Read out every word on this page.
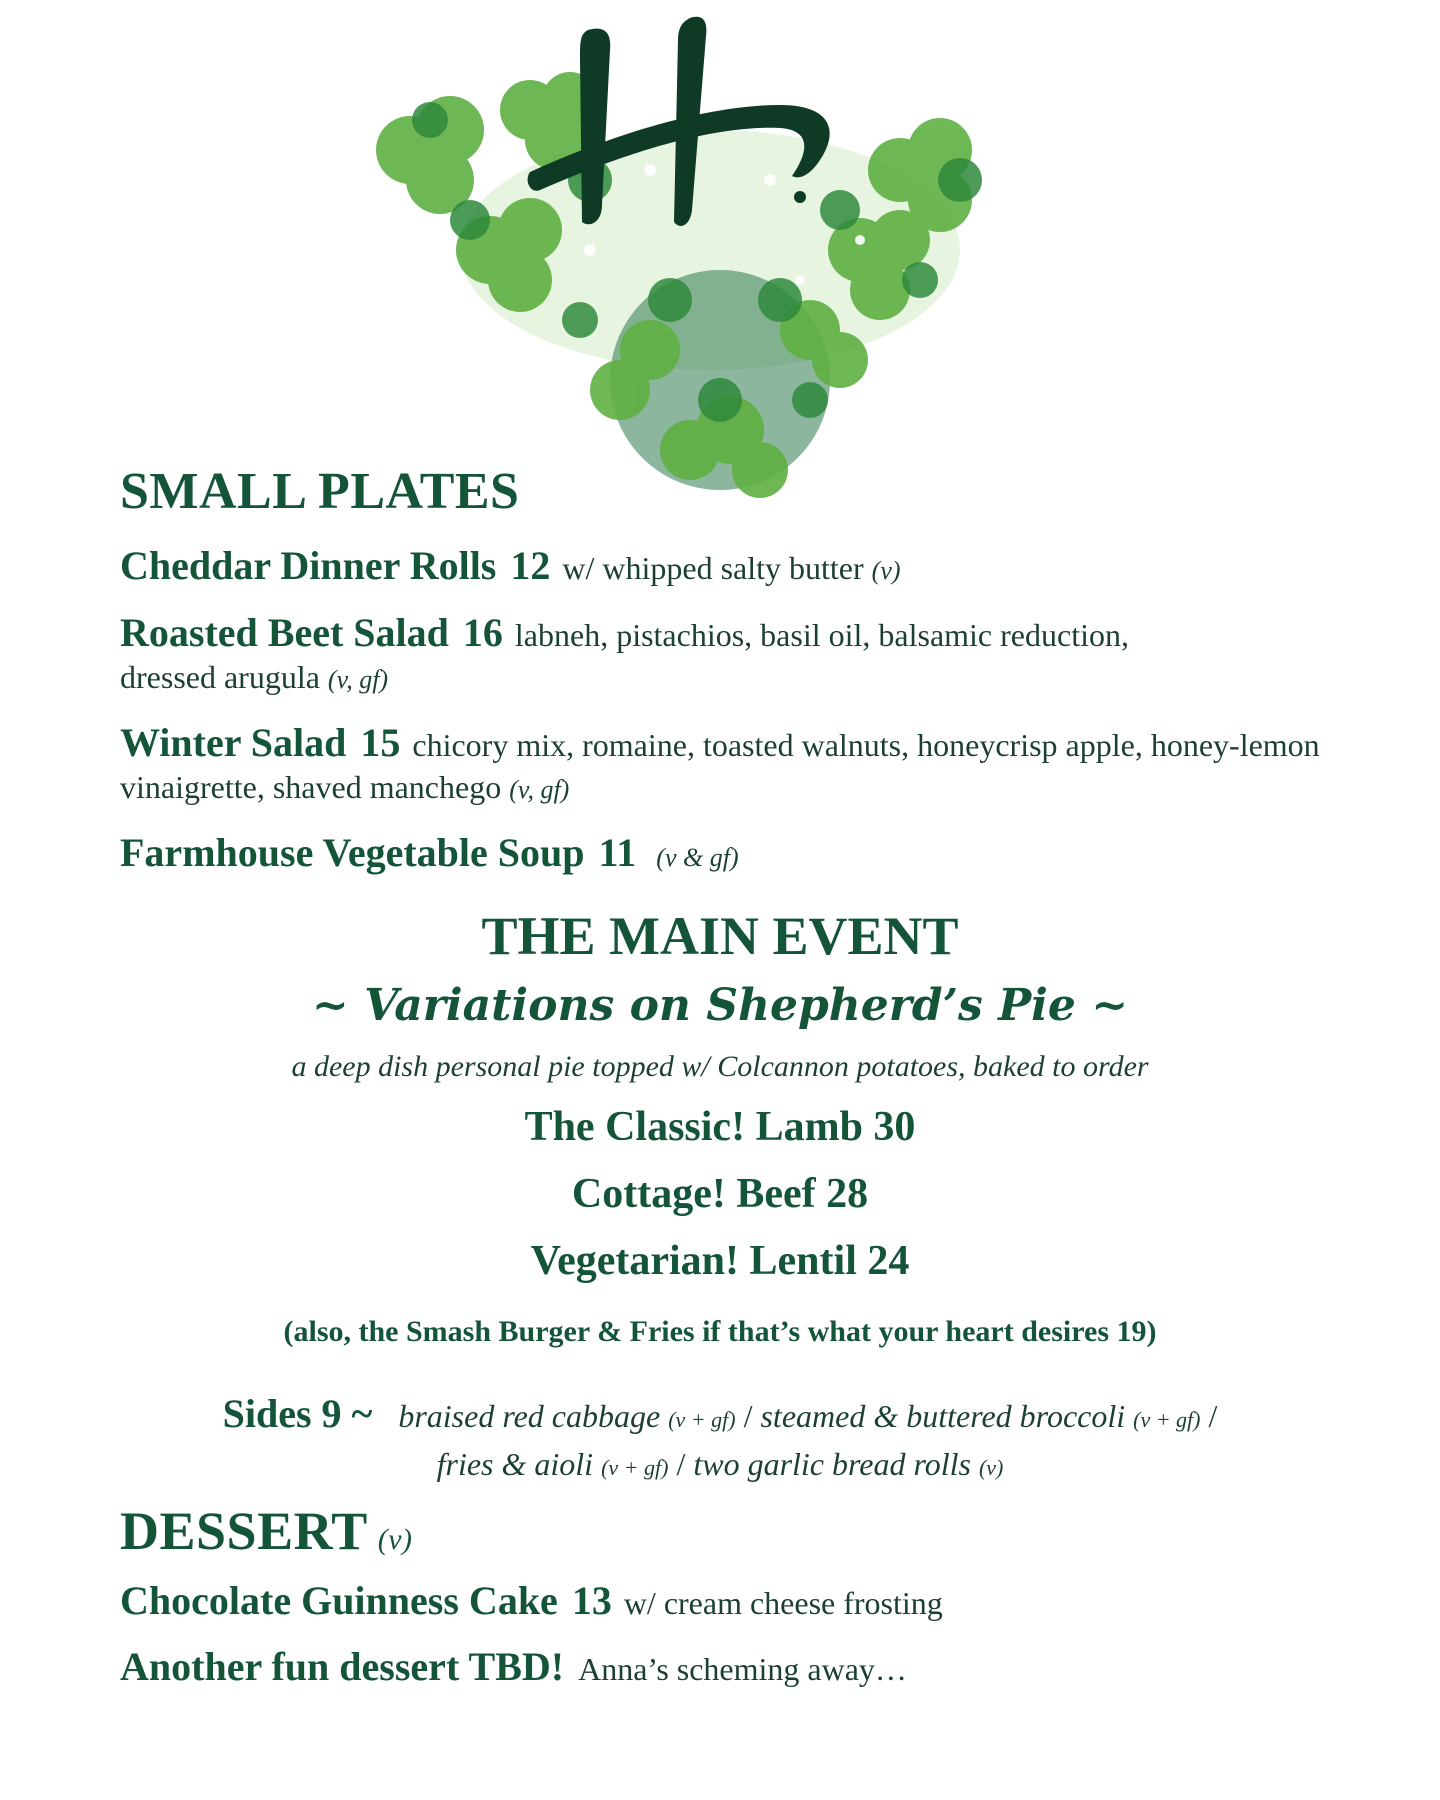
SMALL PLATES
Cheddar Dinner Rolls 12 w/ whipped salty butter (v)
Roasted Beet Salad 16 labneh, pistachios, basil oil, balsamic reduction, dressed arugula (v, gf)
Winter Salad 15 chicory mix, romaine, toasted walnuts, honeycrisp apple, honey-lemon vinaigrette, shaved manchego (v, gf)
Farmhouse Vegetable Soup 11 (v & gf)
THE MAIN EVENT
~ Variations on Shepherd’s Pie ~
a deep dish personal pie topped w/ Colcannon potatoes, baked to order
The Classic! Lamb 30
Cottage! Beef 28
Vegetarian! Lentil 24
(also, the Smash Burger & Fries if that’s what your heart desires 19)
Sides 9 ~ braised red cabbage (v + gf) / steamed & buttered broccoli (v + gf) /
fries & aioli (v + gf) / two garlic bread rolls (v)
DESSERT (v)
Chocolate Guinness Cake 13 w/ cream cheese frosting
Another fun dessert TBD! Anna’s scheming away…
